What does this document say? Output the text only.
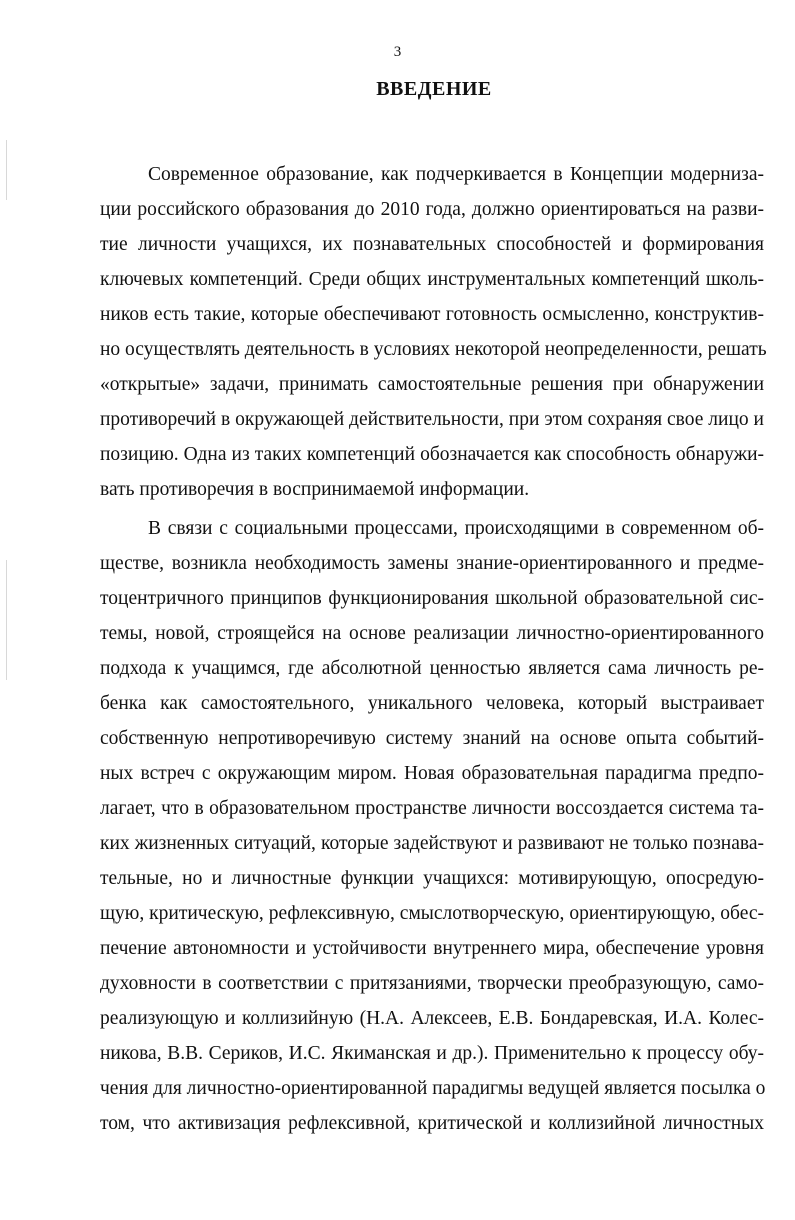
3
ВВЕДЕНИЕ
Современное образование, как подчеркивается в Концепции модерниза-
ции российского образования до 2010 года, должно ориентироваться на разви-
тие личности учащихся, их познавательных способностей и формирования
ключевых компетенций. Среди общих инструментальных компетенций школь-
ников есть такие, которые обеспечивают готовность осмысленно, конструктив-
но осуществлять деятельность в условиях некоторой неопределенности, решать
«открытые» задачи, принимать самостоятельные решения при обнаружении
противоречий в окружающей действительности, при этом сохраняя свое лицо и
позицию. Одна из таких компетенций обозначается как способность обнаружи-
вать противоречия в воспринимаемой информации.
В связи с социальными процессами, происходящими в современном об-
ществе, возникла необходимость замены знание-ориентированного и предме-
тоцентричного принципов функционирования школьной образовательной сис-
темы, новой, строящейся на основе реализации личностно-ориентированного
подхода к учащимся, где абсолютной ценностью является сама личность ре-
бенка как самостоятельного, уникального человека, который выстраивает
собственную непротиворечивую систему знаний на основе опыта событий-
ных встреч с окружающим миром. Новая образовательная парадигма предпо-
лагает, что в образовательном пространстве личности воссоздается система та-
ких жизненных ситуаций, которые задействуют и развивают не только познава-
тельные, но и личностные функции учащихся: мотивирующую, опосредую-
щую, критическую, рефлексивную, смыслотворческую, ориентирующую, обес-
печение автономности и устойчивости внутреннего мира, обеспечение уровня
духовности в соответствии с притязаниями, творчески преобразующую, само-
реализующую и коллизийную (Н.А. Алексеев, Е.В. Бондаревская, И.А. Колес-
никова, В.В. Сериков, И.С. Якиманская и др.). Применительно к процессу обу-
чения для личностно-ориентированной парадигмы ведущей является посылка о
том, что активизация рефлексивной, критической и коллизийной личностных
